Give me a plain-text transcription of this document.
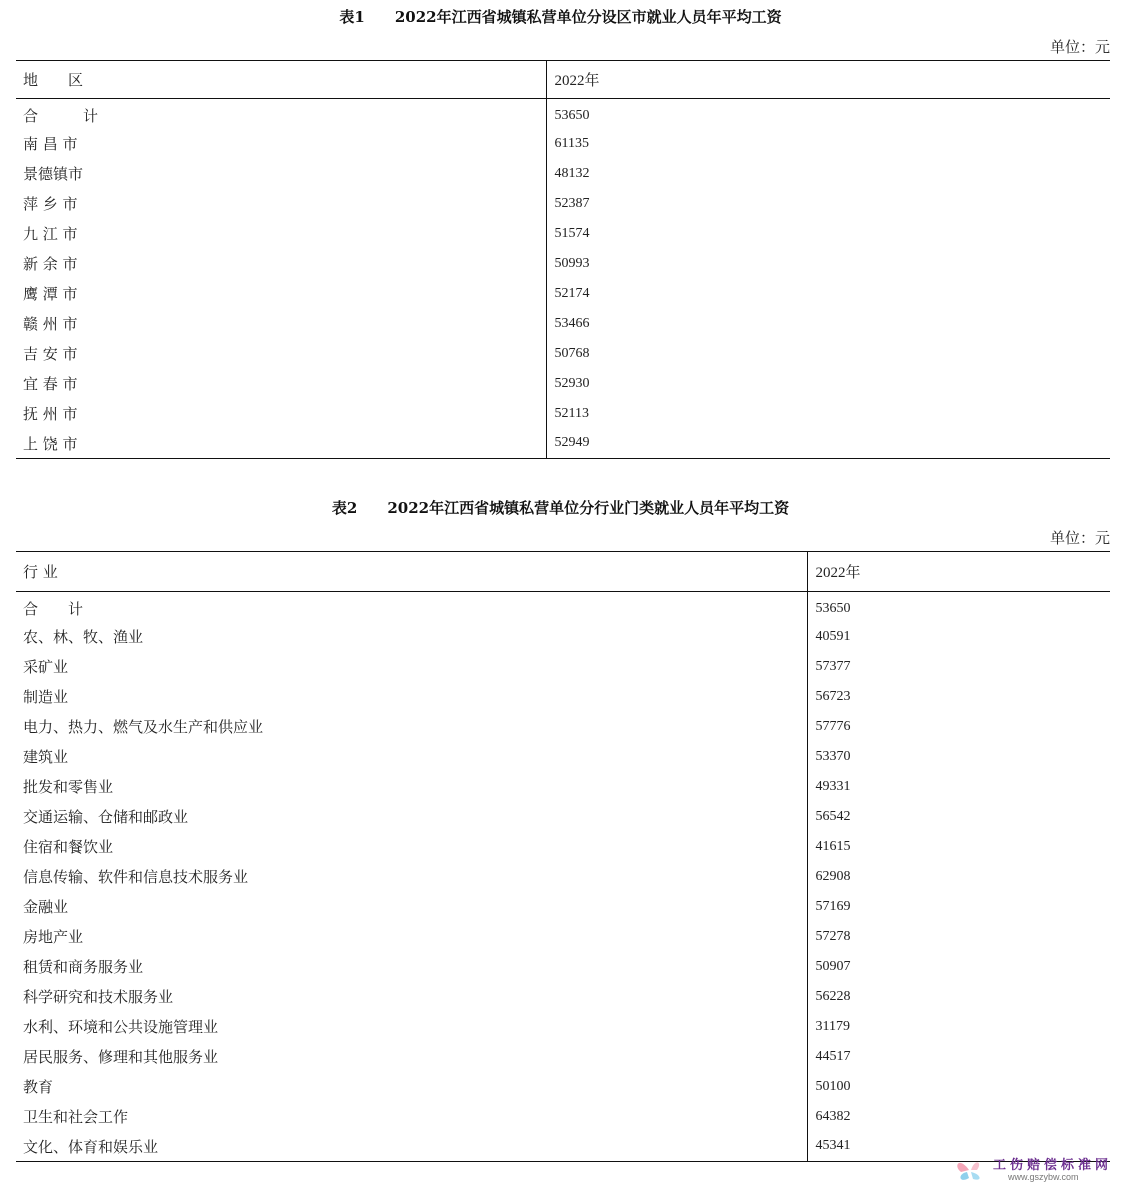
表1 2022年江西省城镇私营单位分设区市就业人员年平均工资
单位：元
地　　区	2022年
合　　　计	53650
南 昌 市	61135
景德镇市	48132
萍 乡 市	52387
九 江 市	51574
新 余 市	50993
鹰 潭 市	52174
赣 州 市	53466
吉 安 市	50768
宜 春 市	52930
抚 州 市	52113
上 饶 市	52949
表2 2022年江西省城镇私营单位分行业门类就业人员年平均工资
单位：元
行 业	2022年
合　　计	53650
农、林、牧、渔业	40591
采矿业	57377
制造业	56723
电力、热力、燃气及水生产和供应业	57776
建筑业	53370
批发和零售业	49331
交通运输、仓储和邮政业	56542
住宿和餐饮业	41615
信息传输、软件和信息技术服务业	62908
金融业	57169
房地产业	57278
租赁和商务服务业	50907
科学研究和技术服务业	56228
水利、环境和公共设施管理业	31179
居民服务、修理和其他服务业	44517
教育	50100
卫生和社会工作	64382
文化、体育和娱乐业	45341
工伤赔偿标准网
www.gszybw.com
